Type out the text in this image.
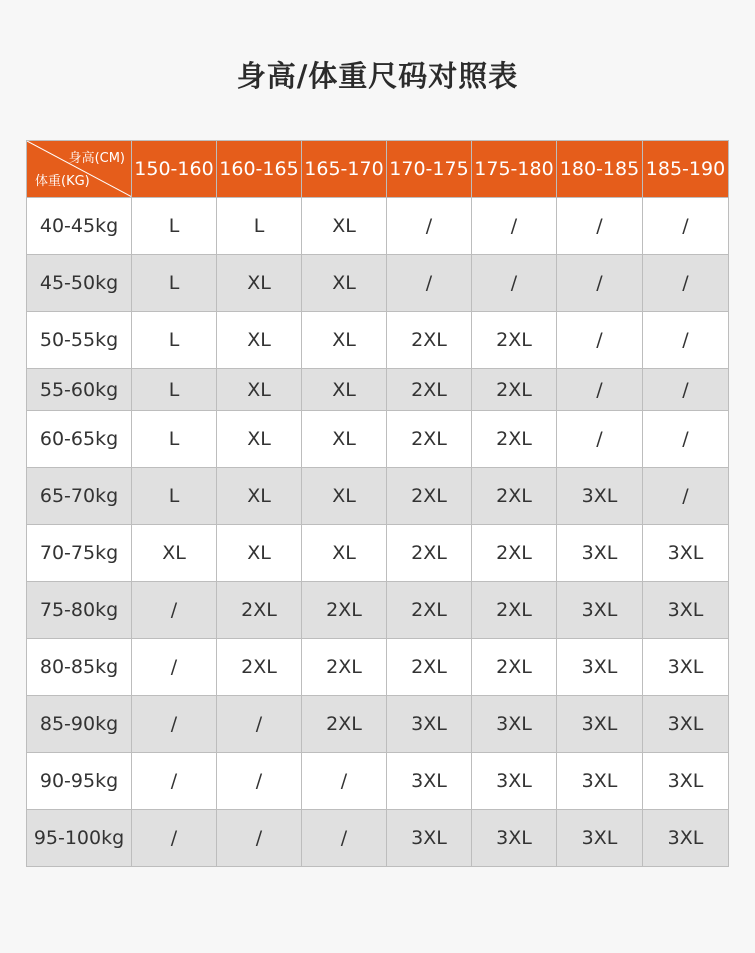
身高/体重尺码对照表
身高(CM)
体重(KG)	150-160	160-165	165-170	170-175	175-180	180-185	185-190
40-45kg	L	L	XL	/	/	/	/
45-50kg	L	XL	XL	/	/	/	/
50-55kg	L	XL	XL	2XL	2XL	/	/
55-60kg	L	XL	XL	2XL	2XL	/	/
60-65kg	L	XL	XL	2XL	2XL	/	/
65-70kg	L	XL	XL	2XL	2XL	3XL	/
70-75kg	XL	XL	XL	2XL	2XL	3XL	3XL
75-80kg	/	2XL	2XL	2XL	2XL	3XL	3XL
80-85kg	/	2XL	2XL	2XL	2XL	3XL	3XL
85-90kg	/	/	2XL	3XL	3XL	3XL	3XL
90-95kg	/	/	/	3XL	3XL	3XL	3XL
95-100kg	/	/	/	3XL	3XL	3XL	3XL
